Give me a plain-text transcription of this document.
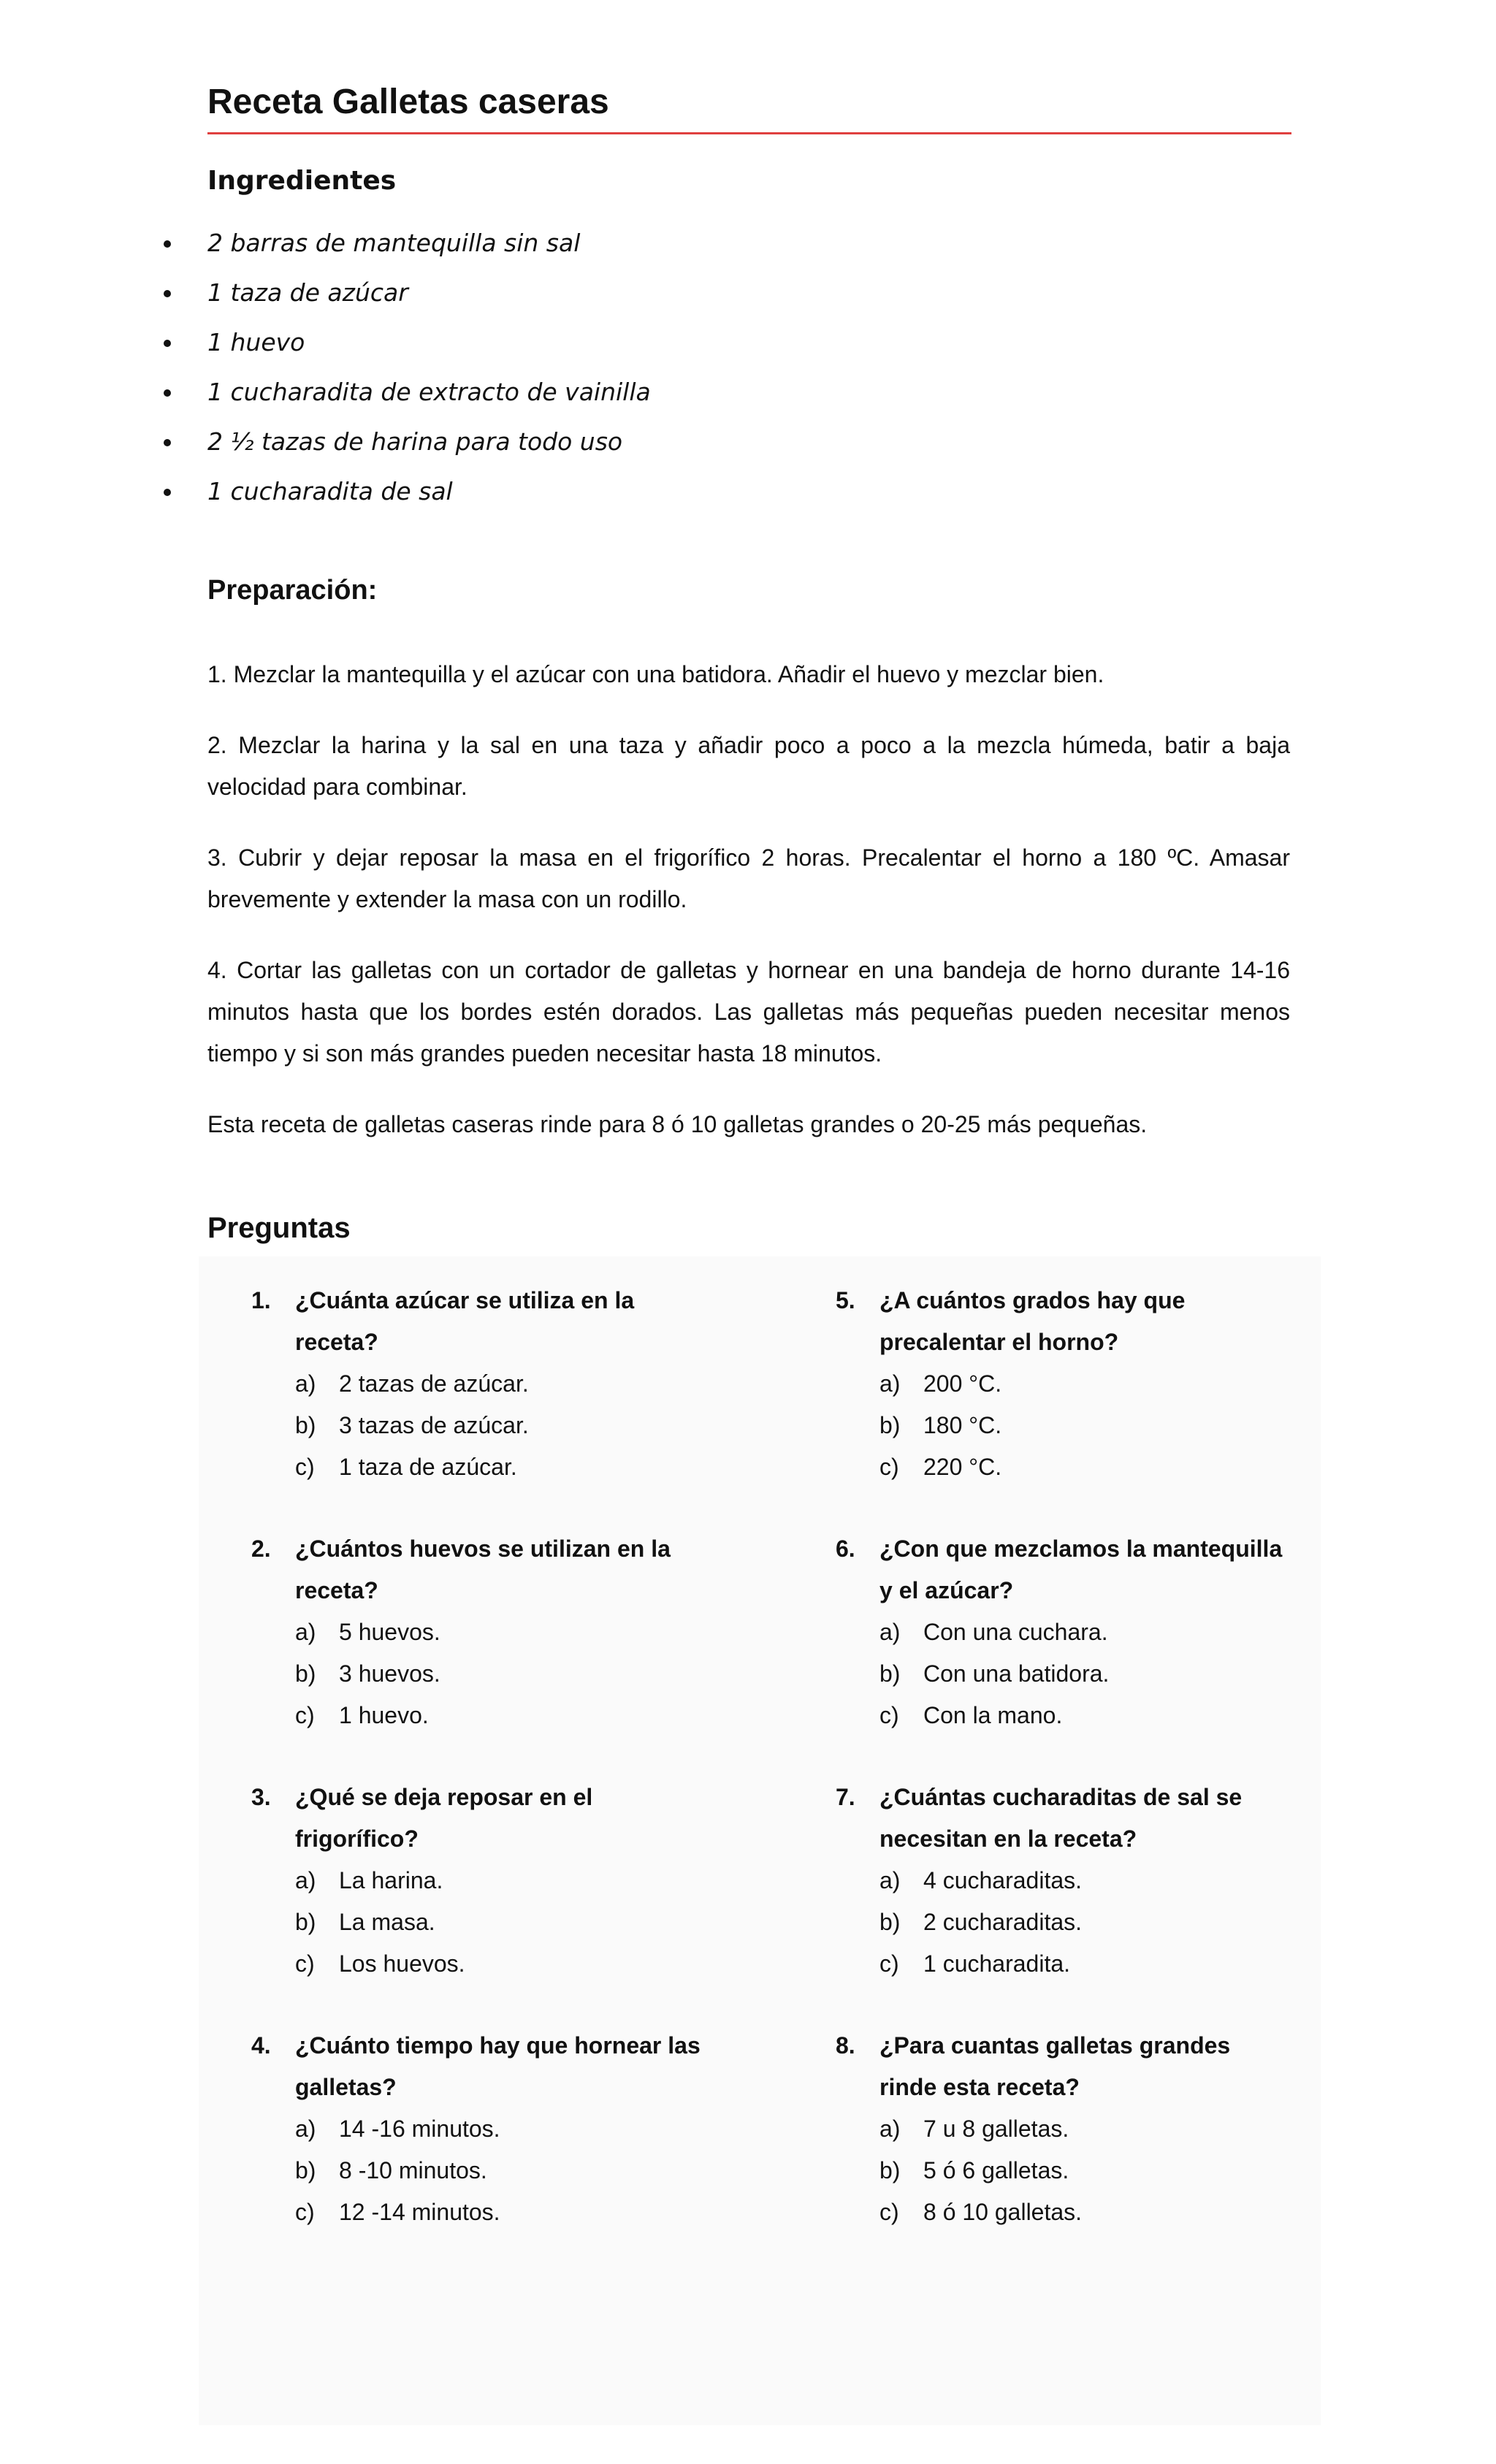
Receta Galletas caseras
Ingredientes
2 barras de mantequilla sin sal
1 taza de azúcar
1 huevo
1 cucharadita de extracto de vainilla
2 ½ tazas de harina para todo uso
1 cucharadita de sal
Preparación:

1. Mezclar la mantequilla y el azúcar con una batidora. Añadir el huevo y mezclar bien.

2. Mezclar la harina y la sal en una taza y añadir poco a poco a la mezcla húmeda, batir a baja velocidad para combinar.

3. Cubrir y dejar reposar la masa en el frigorífico 2 horas. Precalentar el horno a 180 ºC. Amasar brevemente y extender la masa con un rodillo.

4. Cortar las galletas con un cortador de galletas y hornear en una bandeja de horno durante 14-16 minutos hasta que los bordes estén dorados. Las galletas más pequeñas pueden necesitar menos tiempo y si son más grandes pueden necesitar hasta 18 minutos.

Esta receta de galletas caseras rinde para 8 ó 10 galletas grandes o 20-25 más pequeñas.

Preguntas
1.	¿Cuánta azúcar se utiliza en la receta?
a) 2 tazas de azúcar.
b) 3 tazas de azúcar.
c)	1 taza de azúcar.
2.	¿Cuántos huevos se utilizan en la receta?
a) 5 huevos.
b) 3 huevos.
c)	1 huevo.
3.	¿Qué se deja reposar en el frigorífico?
a) La harina.
b) La masa.
c)	Los huevos.
4.	¿Cuánto tiempo hay que hornear las galletas?
a) 14 -16 minutos.
b) 8 -10 minutos.
c)	12 -14 minutos.
5.	¿A cuántos grados hay que precalentar el horno?
a) 200 °C.
b) 180 °C.
c)	220 °C.
6.	¿Con que mezclamos la mantequilla y el azúcar?
a) Con una cuchara.
b) Con una batidora.
c)	Con la mano.
7.	¿Cuántas cucharaditas de sal se necesitan en la receta?
a) 4 cucharaditas.
b) 2 cucharaditas.
c)	1 cucharadita.
8.	¿Para cuantas galletas grandes rinde esta receta?
a) 7 u 8 galletas.
b) 5 ó 6 galletas.
c)	8 ó 10 galletas.
